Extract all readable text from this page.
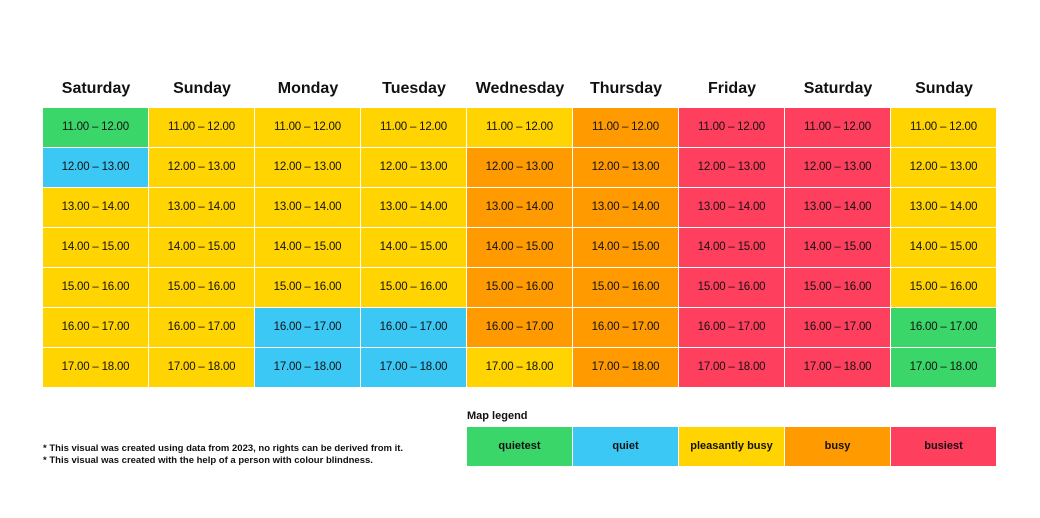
Saturday	Sunday	Monday	Tuesday	Wednesday	Thursday	Friday	Saturday	Sunday
11.00 – 12.00	11.00 – 12.00	11.00 – 12.00	11.00 – 12.00	11.00 – 12.00	11.00 – 12.00	11.00 – 12.00	11.00 – 12.00	11.00 – 12.00
12.00 – 13.00	12.00 – 13.00	12.00 – 13.00	12.00 – 13.00	12.00 – 13.00	12.00 – 13.00	12.00 – 13.00	12.00 – 13.00	12.00 – 13.00
13.00 – 14.00	13.00 – 14.00	13.00 – 14.00	13.00 – 14.00	13.00 – 14.00	13.00 – 14.00	13.00 – 14.00	13.00 – 14.00	13.00 – 14.00
14.00 – 15.00	14.00 – 15.00	14.00 – 15.00	14.00 – 15.00	14.00 – 15.00	14.00 – 15.00	14.00 – 15.00	14.00 – 15.00	14.00 – 15.00
15.00 – 16.00	15.00 – 16.00	15.00 – 16.00	15.00 – 16.00	15.00 – 16.00	15.00 – 16.00	15.00 – 16.00	15.00 – 16.00	15.00 – 16.00
16.00 – 17.00	16.00 – 17.00	16.00 – 17.00	16.00 – 17.00	16.00 – 17.00	16.00 – 17.00	16.00 – 17.00	16.00 – 17.00	16.00 – 17.00
17.00 – 18.00	17.00 – 18.00	17.00 – 18.00	17.00 – 18.00	17.00 – 18.00	17.00 – 18.00	17.00 – 18.00	17.00 – 18.00	17.00 – 18.00
Map legend
quietest	quiet	pleasantly busy	busy	busiest
* This visual was created using data from 2023, no rights can be derived from it.
* This visual was created with the help of a person with colour blindness.
